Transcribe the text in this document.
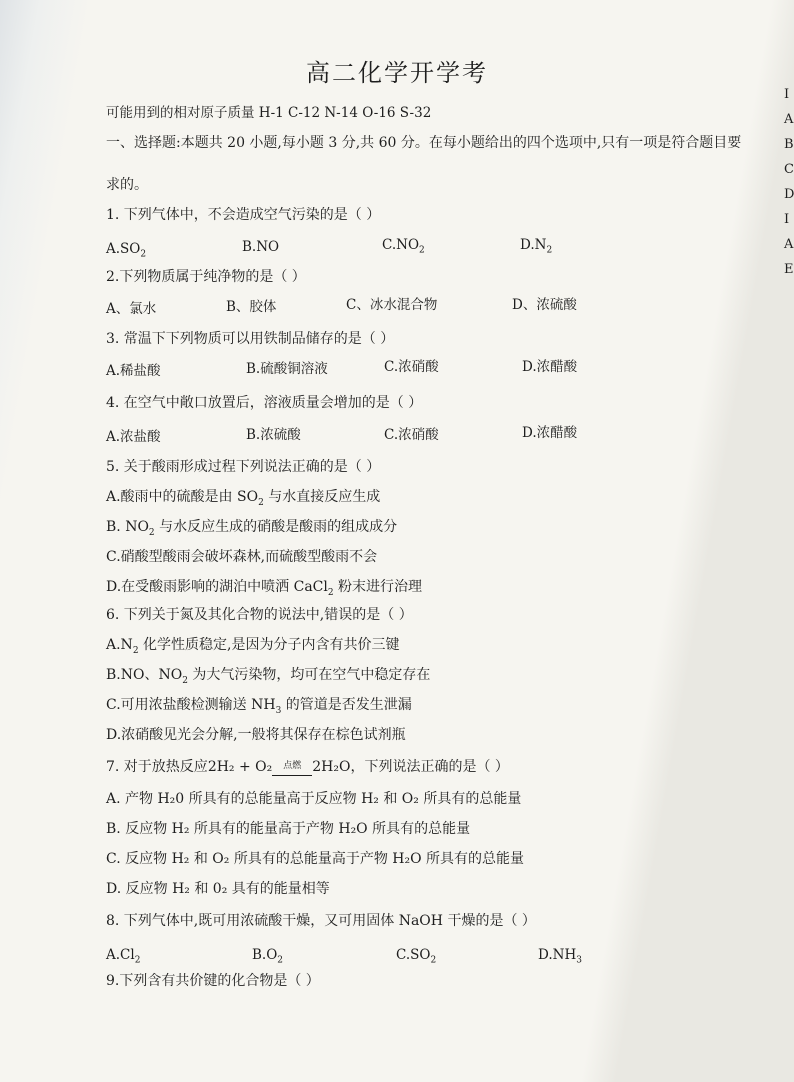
高二化学开学考
可能用到的相对原子质量 H-1 C-12 N-14 O-16 S-32
一、选择题:本题共 20 小题,每小题 3 分,共 60 分。在每小题给出的四个选项中,只有一项是符合题目要
求的。
1. 下列气体中，不会造成空气污染的是（ ）
$A.SO_2$	B.NO	$C.NO_2$	$D.N_2$
2.下列物质属于纯净物的是（ ）
A、氯水	B、胶体	C、冰水混合物	D、浓硫酸
3. 常温下下列物质可以用铁制品储存的是（ ）
A.稀盐酸	B.硫酸铜溶液	C.浓硝酸	D.浓醋酸
4. 在空气中敞口放置后，溶液质量会增加的是（ ）
A.浓盐酸	B.浓硫酸	C.浓硝酸	D.浓醋酸
5. 关于酸雨形成过程下列说法正确的是（ ）
A.酸雨中的硫酸是由 $SO_2$ 与水直接反应生成
B. $NO_2$ 与水反应生成的硝酸是酸雨的组成成分
C.硝酸型酸雨会破坏森林,而硫酸型酸雨不会
D.在受酸雨影响的湖泊中喷洒 CaCl$_2$ 粉末进行治理
6. 下列关于氮及其化合物的说法中,错误的是（ ）
$A.N_2$ 化学性质稳定,是因为分子内含有共价三键
B.NO、$NO_2$ 为大气污染物，均可在空气中稳定存在
C.可用浓盐酸检测输送 $NH_3$ 的管道是否发生泄漏
D.浓硝酸见光会分解,一般将其保存在棕色试剂瓶
7. 对于放热反应2H₂ + O₂	点燃 2H₂O，下列说法正确的是（ ）
A. 产物 H₂0 所具有的总能量高于反应物 H₂ 和 O₂ 所具有的总能量
B. 反应物 H₂ 所具有的能量高于产物 H₂O 所具有的总能量
C. 反应物 H₂ 和 O₂ 所具有的总能量高于产物 H₂O 所具有的总能量
D. 反应物 H₂ 和 0₂ 具有的能量相等
8. 下列气体中,既可用浓硫酸干燥，又可用固体 NaOH 干燥的是（ ）
$A.Cl_2$	$B.O_2$	$C.SO_2$	$D.NH_3$
9.下列含有共价键的化合物是（ ）
I
A
B
C
D
I
A
E
